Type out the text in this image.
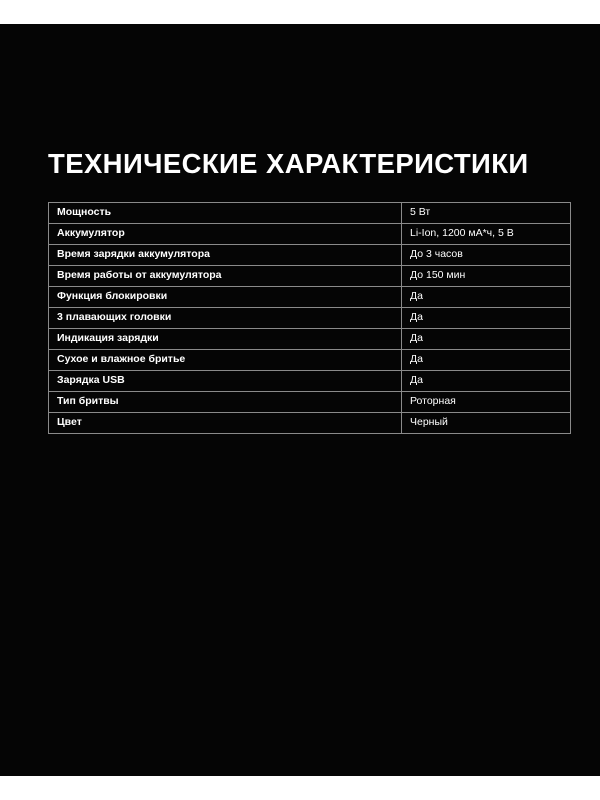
ТЕХНИЧЕСКИЕ ХАРАКТЕРИСТИКИ
Мощность	5 Вт
Аккумулятор	Li-Ion, 1200 мА*ч, 5 В
Время зарядки аккумулятора	До 3 часов
Время работы от аккумулятора	До 150 мин
Функция блокировки	Да
3 плавающих головки	Да
Индикация зарядки	Да
Сухое и влажное бритье	Да
Зарядка USB	Да
Тип бритвы	Роторная
Цвет	Черный
